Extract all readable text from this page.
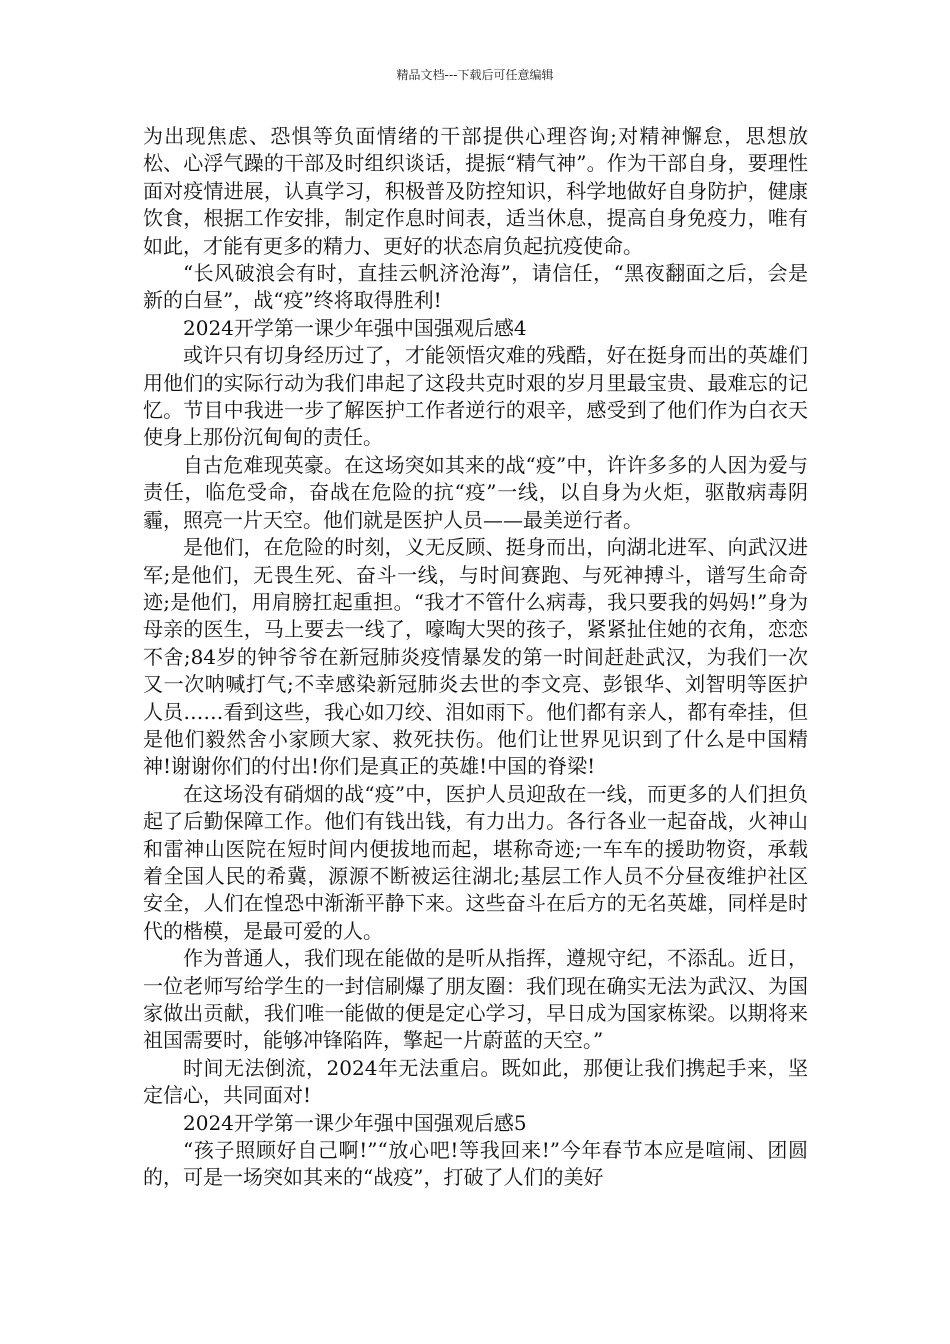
精品文档---下载后可任意编辑

为出现焦虑、恐惧等负面情绪的干部提供心理咨询;对精神懈怠，思想放松、心浮气躁的干部及时组织谈话，提振“精气神”。作为干部自身，要理性面对疫情进展，认真学习，积极普及防控知识，科学地做好自身防护，健康饮食，根据工作安排，制定作息时间表，适当休息，提高自身免疫力，唯有如此，才能有更多的精力、更好的状态肩负起抗疫使命。

“长风破浪会有时，直挂云帆济沧海”，请信任，“黑夜翻面之后，会是新的白昼”，战“疫”终将取得胜利!

2024开学第一课少年强中国强观后感4

或许只有切身经历过了，才能领悟灾难的残酷，好在挺身而出的英雄们用他们的实际行动为我们串起了这段共克时艰的岁月里最宝贵、最难忘的记忆。节目中我进一步了解医护工作者逆行的艰辛，感受到了他们作为白衣天使身上那份沉甸甸的责任。

自古危难现英豪。在这场突如其来的战“疫”中，许许多多的人因为爱与责任，临危受命，奋战在危险的抗“疫”一线，以自身为火炬，驱散病毒阴霾，照亮一片天空。他们就是医护人员——最美逆行者。

是他们，在危险的时刻，义无反顾、挺身而出，向湖北进军、向武汉进军;是他们，无畏生死、奋斗一线，与时间赛跑、与死神搏斗，谱写生命奇迹;是他们，用肩膀扛起重担。“我才不管什么病毒，我只要我的妈妈!”身为母亲的医生，马上要去一线了，嚎啕大哭的孩子，紧紧扯住她的衣角，恋恋不舍;84岁的钟爷爷在新冠肺炎疫情暴发的第一时间赶赴武汉，为我们一次又一次呐喊打气;不幸感染新冠肺炎去世的李文亮、彭银华、刘智明等医护人员……看到这些，我心如刀绞、泪如雨下。他们都有亲人，都有牵挂，但是他们毅然舍小家顾大家、救死扶伤。他们让世界见识到了什么是中国精神!谢谢你们的付出!你们是真正的英雄!中国的脊梁!

在这场没有硝烟的战“疫”中，医护人员迎敌在一线，而更多的人们担负起了后勤保障工作。他们有钱出钱，有力出力。各行各业一起奋战，火神山和雷神山医院在短时间内便拔地而起，堪称奇迹;一车车的援助物资，承载着全国人民的希冀，源源不断被运往湖北;基层工作人员不分昼夜维护社区安全，人们在惶恐中渐渐平静下来。这些奋斗在后方的无名英雄，同样是时代的楷模，是最可爱的人。

作为普通人，我们现在能做的是听从指挥，遵规守纪，不添乱。近日，一位老师写给学生的一封信刷爆了朋友圈：我们现在确实无法为武汉、为国家做出贡献，我们唯一能做的便是定心学习，早日成为国家栋梁。以期将来祖国需要时，能够冲锋陷阵，擎起一片蔚蓝的天空。”

时间无法倒流，2024年无法重启。既如此，那便让我们携起手来，坚定信心，共同面对!

2024开学第一课少年强中国强观后感5

“孩子照顾好自己啊!”“放心吧!等我回来!”今年春节本应是喧闹、团圆的，可是一场突如其来的“战疫”，打破了人们的美好
